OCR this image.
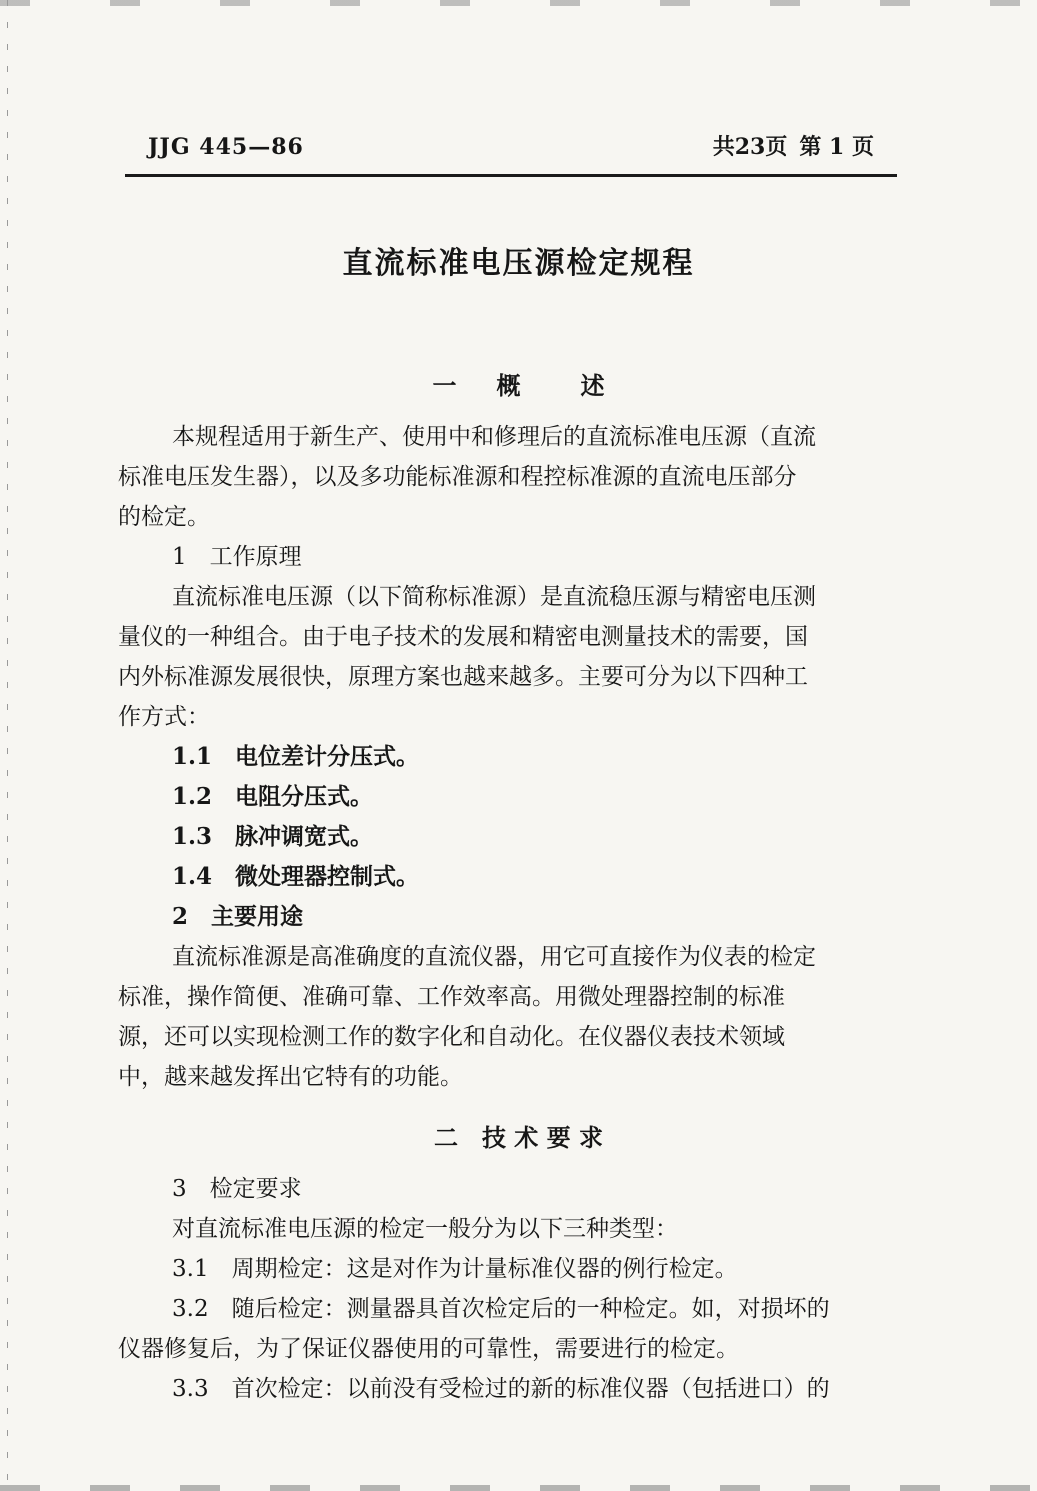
JJG 445—86	共23页 第 1 页
直流标准电压源检定规程
一 概	述
本规程适用于新生产、使用中和修理后的直流标准电压源（直流
标准电压发生器），以及多功能标准源和程控标准源的直流电压部分
的检定。
1　工作原理
直流标准电压源（以下简称标准源）是直流稳压源与精密电压测
量仪的一种组合。由于电子技术的发展和精密电测量技术的需要，国
内外标准源发展很快，原理方案也越来越多。主要可分为以下四种工
作方式：
1.1　电位差计分压式。
1.2　电阻分压式。
1.3　脉冲调宽式。
1.4　微处理器控制式。
2　主要用途
直流标准源是高准确度的直流仪器，用它可直接作为仪表的检定
标准，操作简便、准确可靠、工作效率高。用微处理器控制的标准
源，还可以实现检测工作的数字化和自动化。在仪器仪表技术领域
中，越来越发挥出它特有的功能。
二　技 术 要 求
3　检定要求
对直流标准电压源的检定一般分为以下三种类型：
3.1　周期检定：这是对作为计量标准仪器的例行检定。
3.2　随后检定：测量器具首次检定后的一种检定。如，对损坏的
仪器修复后，为了保证仪器使用的可靠性，需要进行的检定。
3.3　首次检定：以前没有受检过的新的标准仪器（包括进口）的
